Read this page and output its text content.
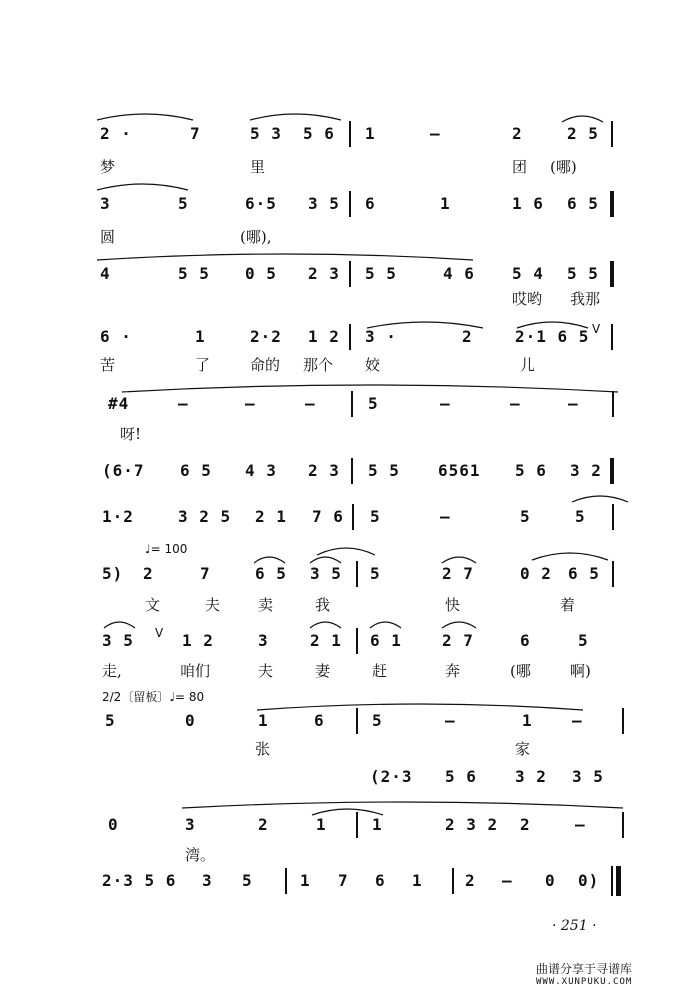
2 ·	7	5 3 5 6 1	—	2	2 5
梦	里	团 (哪)
3	5	6·5 3 5 6	1	1 6 6 5
圆	(哪),
4	5 5 0 5 2 3 5 5	4 6 5 4 5 5
哎哟 我那
6 ·	1	2·2 1 2 3 ·	2	2·1 6 5 V
苦	了	命的 那个 姣	儿
#4	—	—	—	5	—	—	—
呀!
(6·7 6 5 4 3 2 3 5 5 6561 5 6 3 2
1·2	3 2 5 2 1 7 6 5	—	5	5
♩= 100
5) 2	7	6 5 3 5 5	2 7	0 2 6 5
文	夫	卖	我	快	着
3 5 V 1 2	3	2 1 6 1	2 7	6	5
走,	咱们	夫	妻	赶	奔	(哪	啊)
2/2〔留板〕♩= 80
5	0	1	6	5	—	1 —
张	家
(2·3 5 6 3 2 3 5
0	3	2	1	1	2 3 2 2	—
湾。
2·3 5 6 3 5	1 7 6 1	2 — 0 0)
· 251 ·
曲谱分享于寻谱库
WWW.XUNPUKU.COM
